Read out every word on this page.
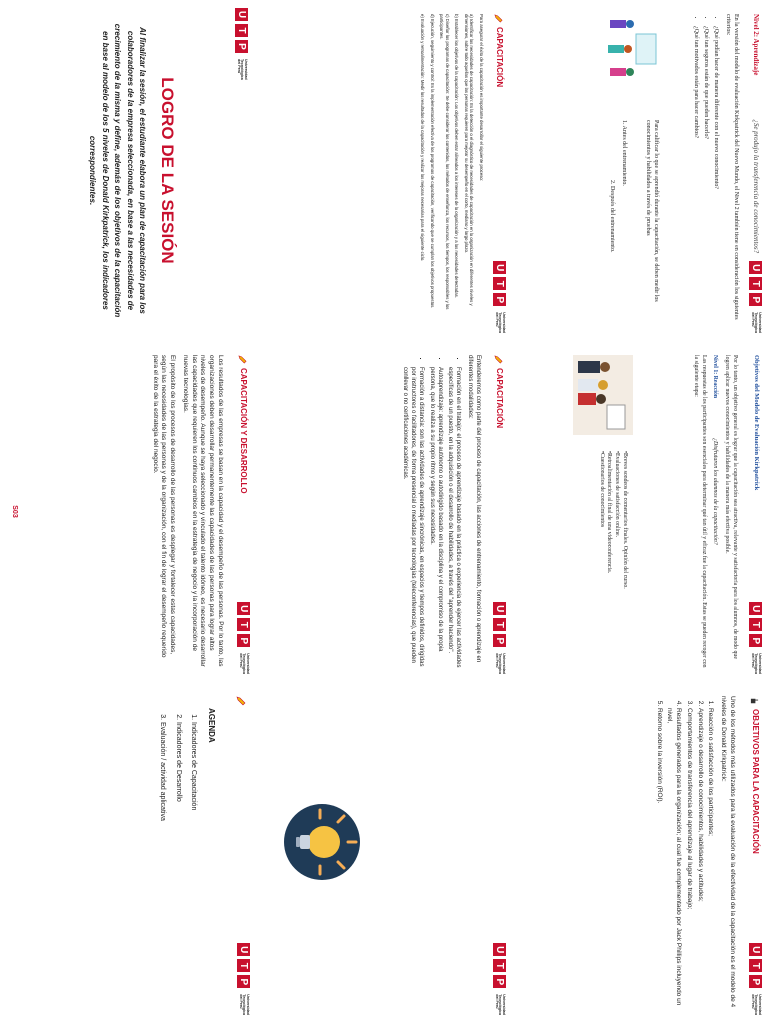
U
T
P
Universidad
Tecnológica
del Perú
LOGRO DE LA SESIÓN
Al finalizar la sesión, el estudiante elabora un plan de capacitación para los colaboradores de la empresa seleccionada, en base a las necesidades de crecimiento de la misma y define, además de los objetivos de la capacitación en base al modelo de los 5 niveles de Donald Kirkpatrick, los indicadores correspondientes.
CAPACITACIÓN
U
T
P
Universidad
Tecnológica
del Perú

Para asegurar el éxito de la capacitación es importante desarrollar el siguiente proceso:

a) Identificar las necesidades de capacitación: Es la detección o el diagnóstico de necesidades de capacitación en la organización en diferentes niveles y dimensiones, sobre todo aquellas que las personas requieren para mejorar su desempeño en el corto, mediano y largo plazo.

b) Establecer los objetivos de la capacitación: Los objetivos deben estar alineados a los intereses de la organización y a las necesidades detectadas.

c) Diseñar los programas de capacitación: Se debe considerar los contenidos, los métodos de enseñanza, los recursos, los tiempos, los responsables y los participantes.

d) Ejecución, seguimiento y control: Es la implementación efectiva de los programas de capacitación, verificando que se cumplan los objetivos propuestos.

e) Evaluación y retroalimentación: Medir los resultados de la capacitación y realizar las mejoras necesarias para el siguiente ciclo.	Nivel 2: Aprendizaje
¿Se produjo la transferencia de conocimientos?
U
T
P
Universidad
Tecnológica
del Perú

En la versión del modelo de evaluación Kirkpatrick del Nuevo Mundo, el Nivel 2 también tiene en consideración los siguientes criterios:

• ¿Qué podían hacer de manera diferente con el nuevo conocimiento?
• ¿Qué tan seguros están de que pueden hacerlo?
• ¿Qué tan motivados están para hacer cambios?

Para calificar lo que se aprendió durante la capacitación, se deben medir los conocimientos y habilidades a través de pruebas

1. Antes del entrenamiento.

2. Después del entrenamiento.

CAPACITACIÓN Y DESARROLLO
U
T
P
Universidad
Tecnológica
del Perú

Los resultados de las empresas se basan en la capacidad y el desempeño de las personas. Por lo tanto, las organizaciones deben desarrollar permanentemente las capacidades de las personas para lograr altos niveles de desempeño. Aunque se haya seleccionado y vinculado el talento idóneo, es necesario desarrollar las capacidades que requieren los continuos cambios en la estrategia de negocio y la incorporación de nuevas tecnologías.

El propósito de los procesos de desarrollo de las personas es desplegar y fortalecer estas capacidades, según las necesidades de las personas y de la organización, con el fin de lograr el desempeño requerido para el éxito de la estrategia del negocio.

S03
CAPACITACIÓN
U
T
P
Universidad
Tecnológica
del Perú

Entenderemos como parte del proceso de capacitación, las acciones de entrenamiento, formación o aprendizaje en diferentes modalidades:

▪ Formación en el trabajo: el proceso de aprendizaje basado en la práctica o experiencia de ejercer las actividades específicas de un puesto, en la adquisición o el desarrollo de habilidades, a través del "aprender haciendo".
▪ Autoaprendizaje: aprendizaje autónomo o autodirigido basado en la disciplina y el compromiso de la propia persona, que lo realiza a su propio ritmo y según sus necesidades.
▪ Formación a distancia: son las actividades de aprendizaje sincrónicas, en espacios y tiempos definidos, dirigidas por instructores o facilitadores, de forma presencial o mediadas por tecnologías (teleconferencias), que pueden conllevar o no certificaciones académicas.	Objetivos del Modelo de Evaluación Kirkpatrick
U
T
P
Universidad
Tecnológica
del Perú

Por lo tanto, un objetivo general es lograr que la capacitación sea atractiva, relevante y satisfactoria para los alumnos, de modo que logren aplicar nuevos conocimientos y habilidades de la manera más efectiva posible.

Nivel 1: Reacción¿Disfrutaron los alumnos de la capacitación?

Las respuestas de los participantes son esenciales para determinar qué tan útil y eficaz fue la capacitación. Estas se pueden recoger con la siguiente etapa:

•Breves sondeos de comentarios finales. Opinión del curso.
•Evaluaciones de satisfacción online.
•Retroalimentación al final de una videoconferencia.
•Cuestionarios de conocimientos
U
T
P
Universidad
Tecnológica
del Perú
AGENDA
1. Indicadores de Capacitación
2. Indicadores de Desarrollo
3. Evaluación / actividad aplicativa
U
T
P
Universidad
Tecnológica
del Perú
OBJETIVOS PARA LA CAPACITACIÓN
U
T
P
Universidad
Tecnológica
del Perú

Uno de los métodos más utilizados para la evaluación de la efectividad de la capacitación es el modelo de 4 niveles de Donald Kirkpatrick:

1. Reacción o satisfacción de los participantes;
2. Aprendizaje o desarrollo de conocimientos, habilidades y actitudes;
3. Comportamientos de transferencia del aprendizaje al lugar de trabajo;
4. Resultados generados para la organización; al cual fue complementado por Jack Phillips incluyendo un nivel,
5. Retorno sobre la inversión (ROI).
